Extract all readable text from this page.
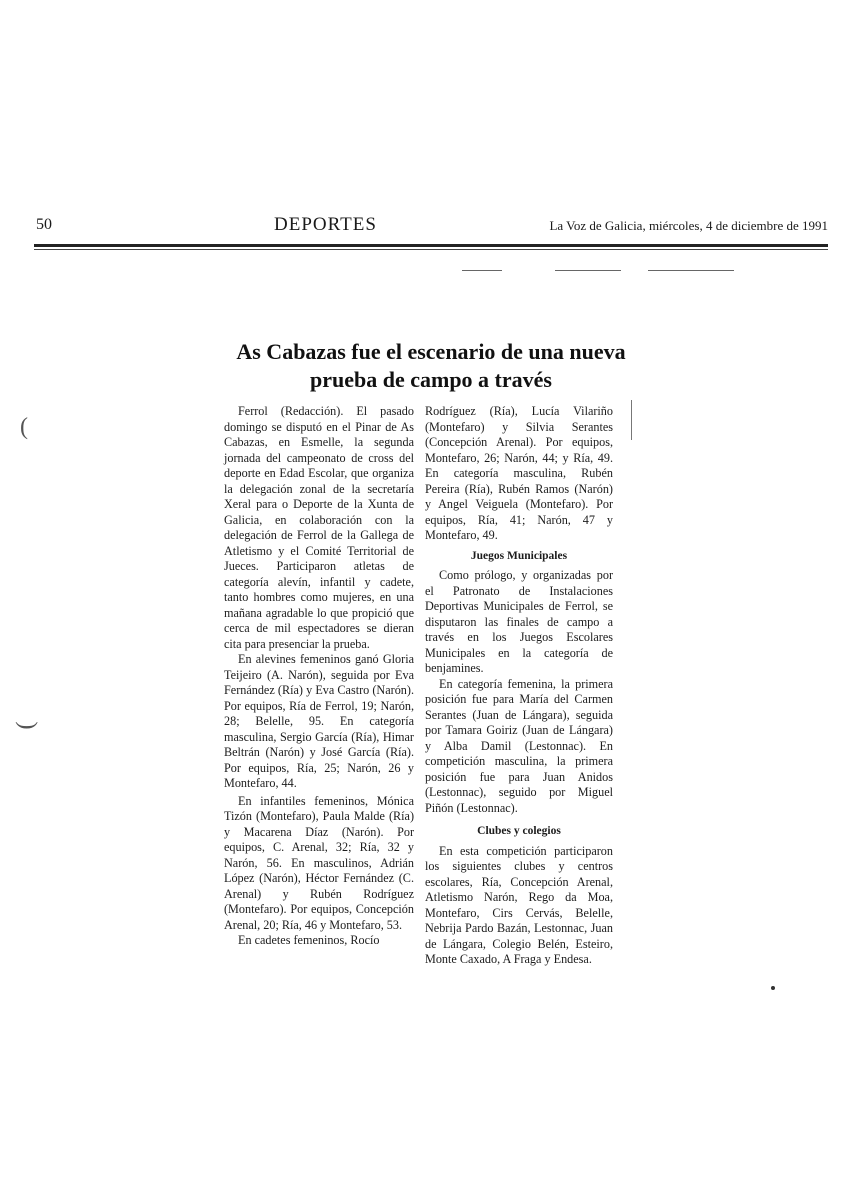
50	DEPORTES	La Voz de Galicia, miércoles, 4 de diciembre de 1991
As Cabazas fue el escenario de una nueva prueba de campo a través

Ferrol (Redacción). El pasado domingo se disputó en el Pinar de As Cabazas, en Esmelle, la segunda jornada del campeonato de cross del deporte en Edad Escolar, que organiza la delegación zonal de la secretaría Xeral para o Deporte de la Xunta de Galicia, en colaboración con la delegación de Ferrol de la Gallega de Atletismo y el Comité Territorial de Jueces. Participaron atletas de categoría alevín, infantil y cadete, tanto hombres como mujeres, en una mañana agradable lo que propició que cerca de mil espectadores se dieran cita para presenciar la prueba.

En alevines femeninos ganó Gloria Teijeiro (A. Narón), seguida por Eva Fernández (Ría) y Eva Castro (Narón). Por equipos, Ría de Ferrol, 19; Narón, 28; Belelle, 95. En categoría masculina, Sergio García (Ría), Himar Beltrán (Narón) y José García (Ría). Por equipos, Ría, 25; Narón, 26 y Montefaro, 44.

En infantiles femeninos, Mónica Tizón (Montefaro), Paula Malde (Ría) y Macarena Díaz (Narón). Por equipos, C. Arenal, 32; Ría, 32 y Narón, 56. En masculinos, Adrián López (Narón), Héctor Fernández (C. Arenal) y Rubén Rodríguez (Montefaro). Por equipos, Concepción Arenal, 20; Ría, 46 y Montefaro, 53.

En cadetes femeninos, Rocío

Rodríguez (Ría), Lucía Vilariño (Montefaro) y Silvia Serantes (Concepción Arenal). Por equipos, Montefaro, 26; Narón, 44; y Ría, 49. En categoría masculina, Rubén Pereira (Ría), Rubén Ramos (Narón) y Angel Veiguela (Montefaro). Por equipos, Ría, 41; Narón, 47 y Montefaro, 49.

Juegos Municipales

Como prólogo, y organizadas por el Patronato de Instalaciones Deportivas Municipales de Ferrol, se disputaron las finales de campo a través en los Juegos Escolares Municipales en la categoría de benjamines.

En categoría femenina, la primera posición fue para María del Carmen Serantes (Juan de Lángara), seguida por Tamara Goiriz (Juan de Lángara) y Alba Damil (Lestonnac). En competición masculina, la primera posición fue para Juan Anidos (Lestonnac), seguido por Miguel Piñón (Lestonnac).

Clubes y colegios

En esta competición participaron los siguientes clubes y centros escolares, Ría, Concepción Arenal, Atletismo Narón, Rego da Moa, Montefaro, Cirs Cervás, Belelle, Nebrija Pardo Bazán, Lestonnac, Juan de Lángara, Colegio Belén, Esteiro, Monte Caxado, A Fraga y Endesa.

(
(
